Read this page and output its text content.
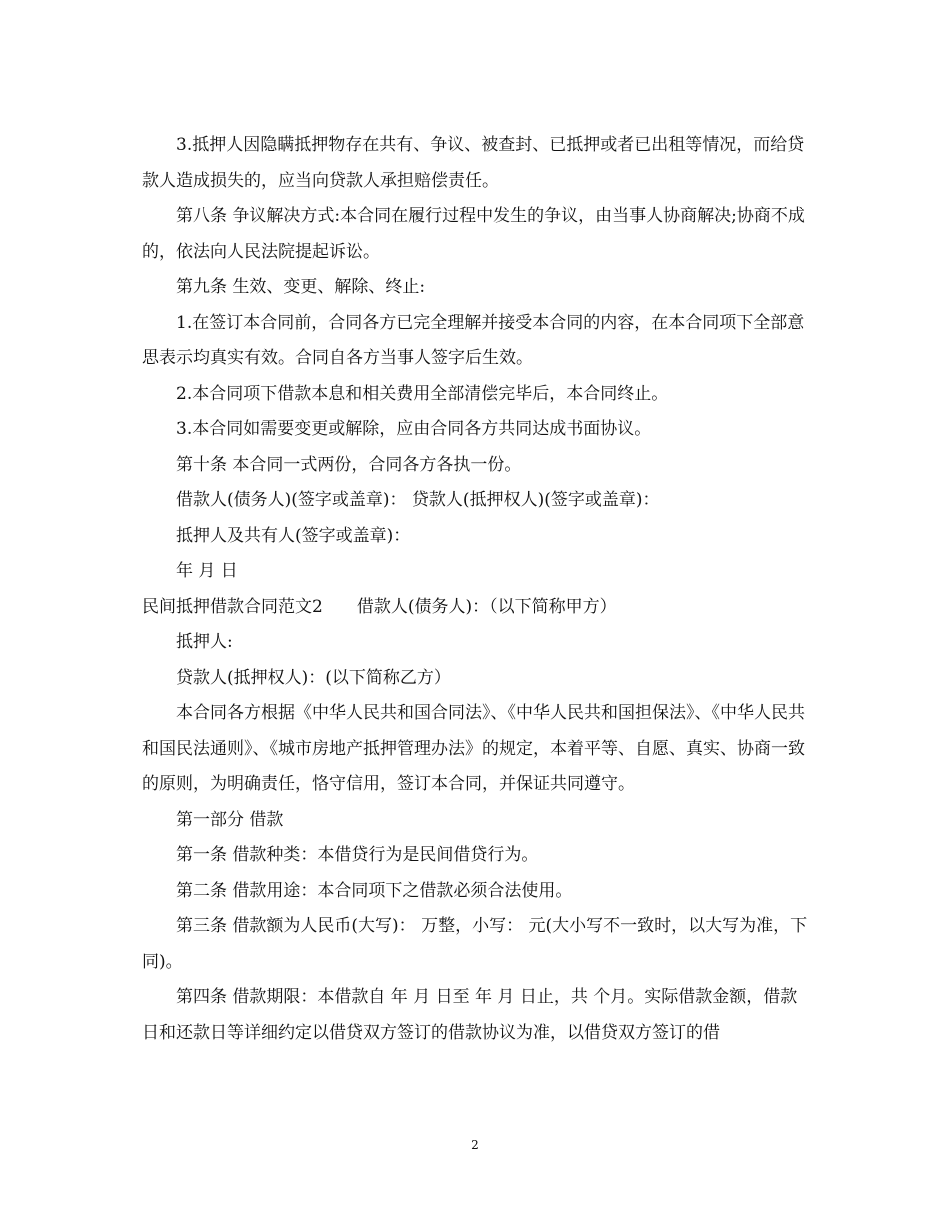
3.抵押人因隐瞒抵押物存在共有、争议、被查封、已抵押或者已出租等情况，而给贷款人造成损失的，应当向贷款人承担赔偿责任。

第八条 争议解决方式:本合同在履行过程中发生的争议，由当事人协商解决;协商不成的，依法向人民法院提起诉讼。

第九条 生效、变更、解除、终止:

1.在签订本合同前，合同各方已完全理解并接受本合同的内容，在本合同项下全部意思表示均真实有效。合同自各方当事人签字后生效。

2.本合同项下借款本息和相关费用全部清偿完毕后，本合同终止。

3.本合同如需要变更或解除，应由合同各方共同达成书面协议。

第十条 本合同一式两份，合同各方各执一份。

借款人(债务人)(签字或盖章)： 贷款人(抵押权人)(签字或盖章)：

抵押人及共有人(签字或盖章)：

年 月 日

民间抵押借款合同范文2　　借款人(债务人)：（以下简称甲方）

抵押人:

贷款人(抵押权人)：(以下简称乙方）

本合同各方根据《中华人民共和国合同法》、《中华人民共和国担保法》、《中华人民共和国民法通则》、《城市房地产抵押管理办法》的规定，本着平等、自愿、真实、协商一致的原则，为明确责任，恪守信用，签订本合同，并保证共同遵守。

第一部分 借款

第一条 借款种类：本借贷行为是民间借贷行为。

第二条 借款用途：本合同项下之借款必须合法使用。

第三条 借款额为人民币(大写)： 万整，小写： 元(大小写不一致时，以大写为准，下同)。

第四条 借款期限：本借款自 年 月 日至 年 月 日止，共 个月。实际借款金额，借款日和还款日等详细约定以借贷双方签订的借款协议为准，以借贷双方签订的借

2
